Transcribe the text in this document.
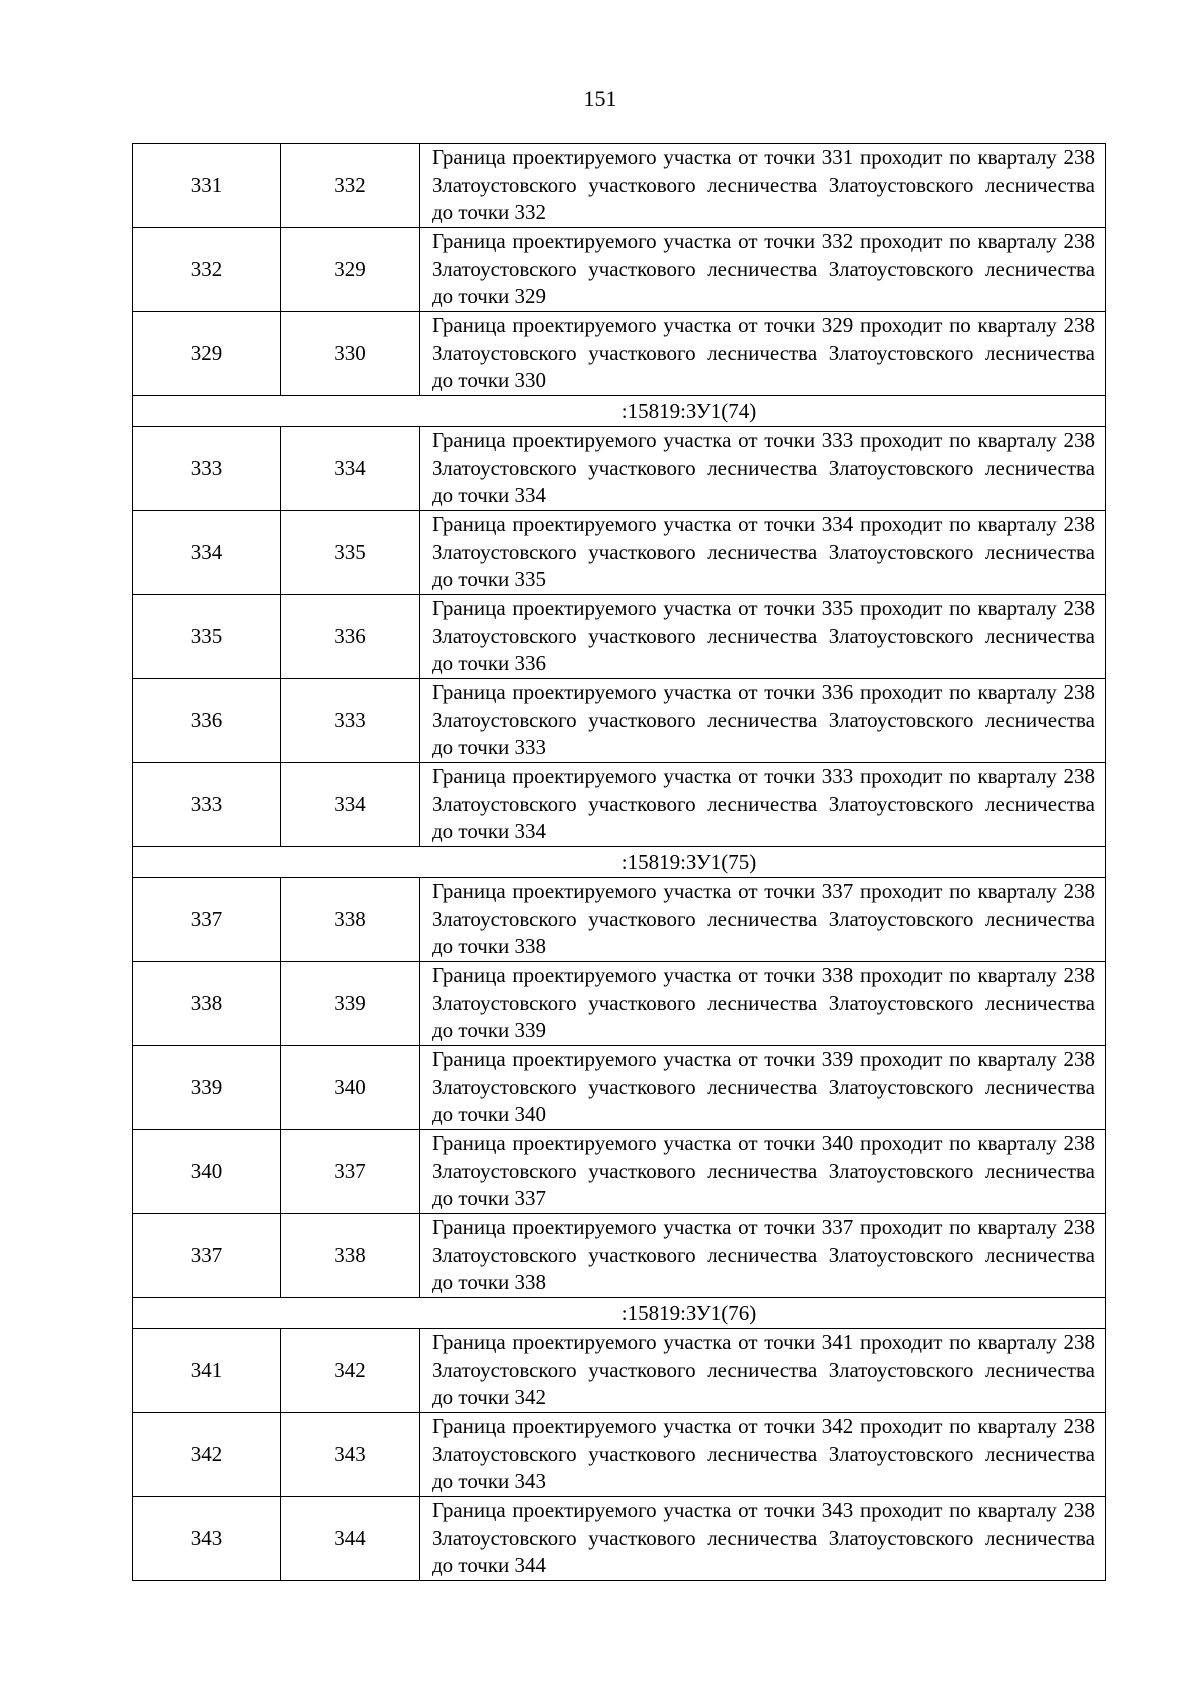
151
331	332	Граница проектируемого участка от точки 331 проходит по кварталу 238 Златоустовского участкового лесничества Златоустовского лесничества до точки 332
332	329	Граница проектируемого участка от точки 332 проходит по кварталу 238 Златоустовского участкового лесничества Златоустовского лесничества до точки 329
329	330	Граница проектируемого участка от точки 329 проходит по кварталу 238 Златоустовского участкового лесничества Златоустовского лесничества до точки 330
:15819:ЗУ1(74)		
333	334	Граница проектируемого участка от точки 333 проходит по кварталу 238 Златоустовского участкового лесничества Златоустовского лесничества до точки 334
334	335	Граница проектируемого участка от точки 334 проходит по кварталу 238 Златоустовского участкового лесничества Златоустовского лесничества до точки 335
335	336	Граница проектируемого участка от точки 335 проходит по кварталу 238 Златоустовского участкового лесничества Златоустовского лесничества до точки 336
336	333	Граница проектируемого участка от точки 336 проходит по кварталу 238 Златоустовского участкового лесничества Златоустовского лесничества до точки 333
333	334	Граница проектируемого участка от точки 333 проходит по кварталу 238 Златоустовского участкового лесничества Златоустовского лесничества до точки 334
:15819:ЗУ1(75)		
337	338	Граница проектируемого участка от точки 337 проходит по кварталу 238 Златоустовского участкового лесничества Златоустовского лесничества до точки 338
338	339	Граница проектируемого участка от точки 338 проходит по кварталу 238 Златоустовского участкового лесничества Златоустовского лесничества до точки 339
339	340	Граница проектируемого участка от точки 339 проходит по кварталу 238 Златоустовского участкового лесничества Златоустовского лесничества до точки 340
340	337	Граница проектируемого участка от точки 340 проходит по кварталу 238 Златоустовского участкового лесничества Златоустовского лесничества до точки 337
337	338	Граница проектируемого участка от точки 337 проходит по кварталу 238 Златоустовского участкового лесничества Златоустовского лесничества до точки 338
:15819:ЗУ1(76)		
341	342	Граница проектируемого участка от точки 341 проходит по кварталу 238 Златоустовского участкового лесничества Златоустовского лесничества до точки 342
342	343	Граница проектируемого участка от точки 342 проходит по кварталу 238 Златоустовского участкового лесничества Златоустовского лесничества до точки 343
343	344	Граница проектируемого участка от точки 343 проходит по кварталу 238 Златоустовского участкового лесничества Златоустовского лесничества до точки 344
